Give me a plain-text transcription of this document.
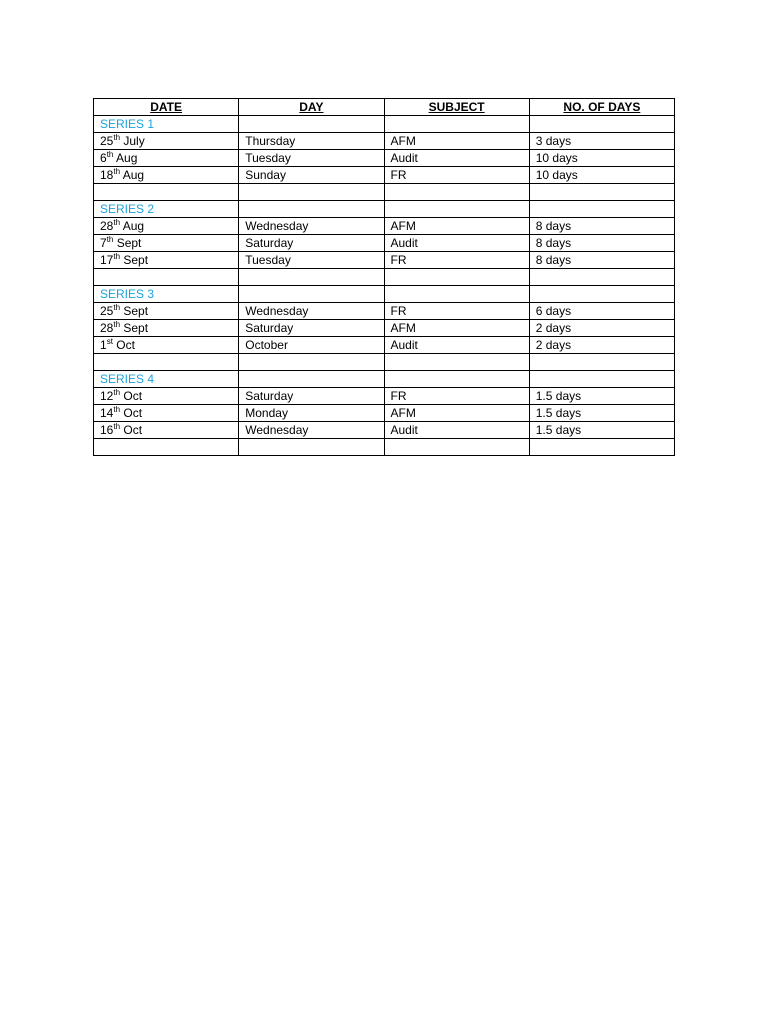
DATE	DAY	SUBJECT	NO. OF DAYS
SERIES 1			
25th July	Thursday	AFM	3 days
6th Aug	Tuesday	Audit	10 days
18th Aug	Sunday	FR	10 days

SERIES 2			
28th Aug	Wednesday	AFM	8 days
7th Sept	Saturday	Audit	8 days
17th Sept	Tuesday	FR	8 days

SERIES 3			
25th Sept	Wednesday	FR	6 days
28th Sept	Saturday	AFM	2 days
1st Oct	October	Audit	2 days

SERIES 4			
12th Oct	Saturday	FR	1.5 days
14th Oct	Monday	AFM	1.5 days
16th Oct	Wednesday	Audit	1.5 days
